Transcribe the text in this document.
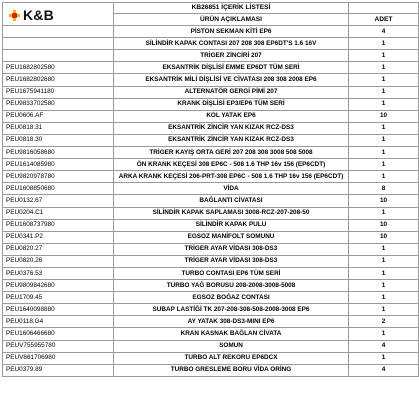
K&B	KB26851 İÇERİK LİSTESİ	
	ÜRÜN AÇIKLAMASI	ADET
	PİSTON SEKMAN KİTİ EP6	4
	SİLİNDİR KAPAK CONTASI 207 208 308 EP6DT'S 1.6 16V	1
	TRİGER ZİNCİRİ 207	1
PEU1682802580	EKSANTRİK DİŞLİSİ EMME EP6DT TÜM SERİ	1
PEU1682802680	EKSANTRİK MİLİ DİŞLİSİ VE CİVATASI 208 308 2008 EP6	1
PEU1675941180	ALTERNATÖR GERGİ PİMİ 207	1
PEU9833702580	KRANK DİŞLİSİ EP3/EP6 TÜM SERİ	1
PEU0606.AF	KOL YATAK EP6	10
PEU0818.31	EKSANTRİK ZİNCİR YAN KIZAK RCZ-DS3	1
PEU0818.30	EKSANTRİK ZİNCİR YAN KIZAK RCZ-DS3	1
PEU9816058680	TRİGER KAYIŞ ORTA GERİ 207 208 308 3008 508 5008	1
PEU1614085980	ÖN KRANK KEÇESİ 308 EP6C - 508 1.6 THP 16v 156 (EP6CDT)	1
PEU9820978780	ARKA KRANK KEÇESİ 206-PRT-308 EP6C - 508 1.6 THP 16v 156 (EP6CDT)	1
PEU1608850680	VİDA	8
PEU0132.67	BAĞLANTI CİVATASI	10
PEU0204.C1	SİLİNDİR KAPAK SAPLAMASI 3008-RCZ-207-208-50	1
PEU1608737980	SİLİNDİR KAPAK PULU	10
PEU0341.P2	EGSOZ MANİFOLT SOMUNU	10
PEU0820.27	TRİGER AYAR VİDASI 308-DS3	1
PEU0820.26	TRİGER AYAR VİDASI 308-DS3	1
PEU0376.53	TURBO CONTASI EP6 TÜM SERİ	1
PEU9809842680	TURBO YAĞ BORUSU 208-2008-3008-5008	1
PEU1709.45	EGSOZ BOĞAZ CONTASI	1
PEU1640098880	SUBAP LASTİĞİ TK 207-208-308-508-2008-3008 EP6	1
PEU0118.G4	AY YATAK 308-DS3-MINI EP6	2
PEU1606466680	KRAN KASNAK BAĞLAN CİVATA	1
PEUV755955780	SOMUN	4
PEUV861706980	TURBO ALT REKORU EP6DCX	1
PEU0379.89	TURBO GRESLEME BORU VİDA ORİNG	4
